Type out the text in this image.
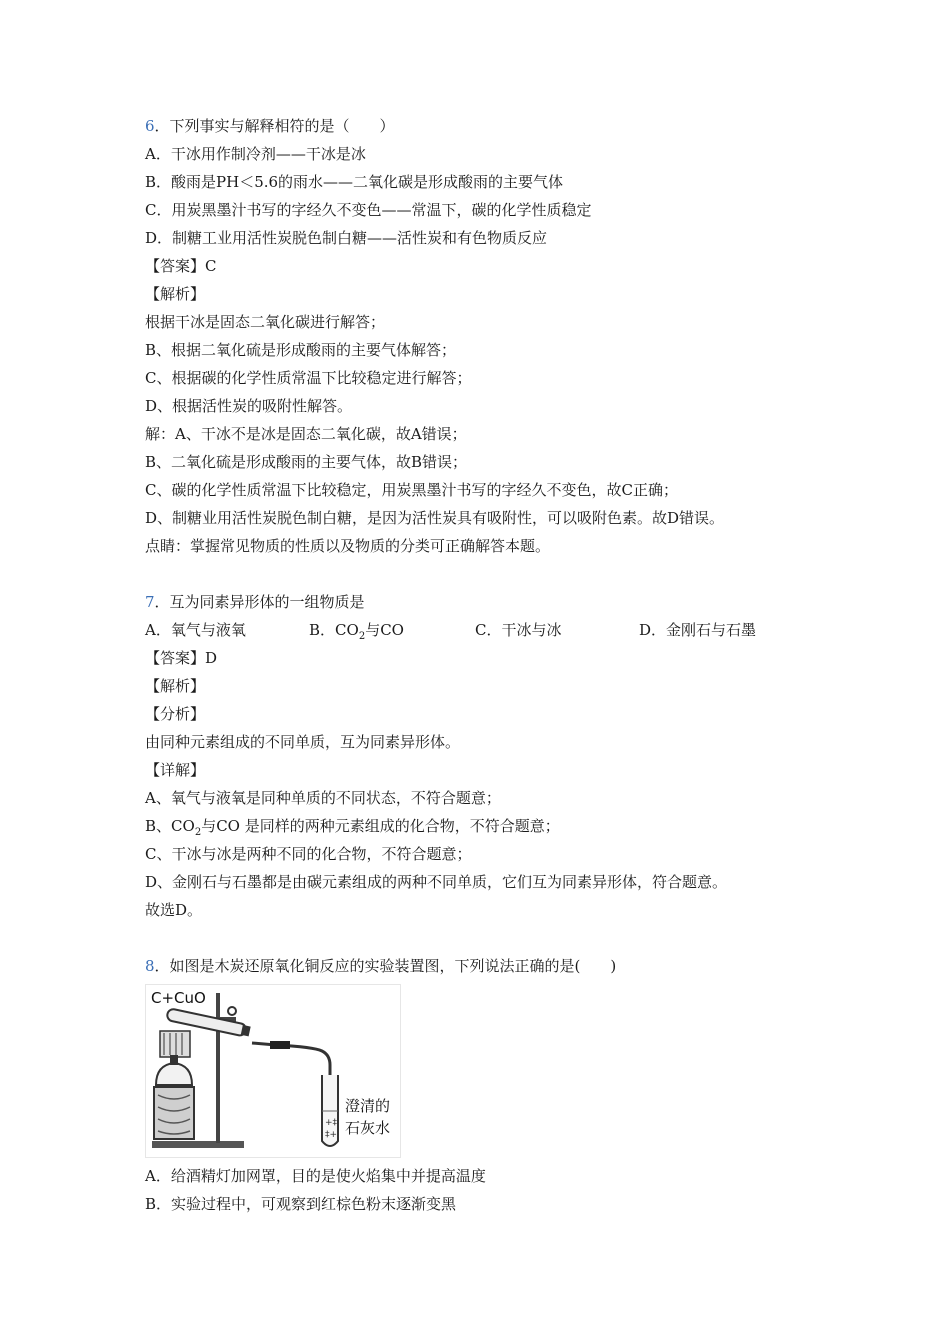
6．下列事实与解释相符的是（　　）
A．干冰用作制冷剂——干冰是冰
B．酸雨是PH＜5.6的雨水——二氧化碳是形成酸雨的主要气体
C．用炭黑墨汁书写的字经久不变色——常温下，碳的化学性质稳定
D．制糖工业用活性炭脱色制白糖——活性炭和有色物质反应
【答案】C
【解析】
根据干冰是固态二氧化碳进行解答；
B、根据二氧化硫是形成酸雨的主要气体解答；
C、根据碳的化学性质常温下比较稳定进行解答；
D、根据活性炭的吸附性解答。
解：A、干冰不是冰是固态二氧化碳，故A错误；
B、二氧化硫是形成酸雨的主要气体，故B错误；
C、碳的化学性质常温下比较稳定，用炭黑墨汁书写的字经久不变色，故C正确；
D、制糖业用活性炭脱色制白糖，是因为活性炭具有吸附性，可以吸附色素。故D错误。
点睛：掌握常见物质的性质以及物质的分类可正确解答本题。
7．互为同素异形体的一组物质是
A．氧气与液氧	B．$CO_2$与CO	C．干冰与冰	D．金刚石与石墨
【答案】D
【解析】
【分析】
由同种元素组成的不同单质，互为同素异形体。
【详解】
A、氧气与液氧是同种单质的不同状态，不符合题意；
B、$CO_2$与CO 是同样的两种元素组成的化合物，不符合题意；
C、干冰与冰是两种不同的化合物，不符合题意；
D、金刚石与石墨都是由碳元素组成的两种不同单质，它们互为同素异形体，符合题意。
故选D。
8．如图是木炭还原氧化铜反应的实验装置图，下列说法正确的是(　　)
C+CuO
澄清的
石灰水
+‡
‡+
A．给酒精灯加网罩，目的是使火焰集中并提高温度
B．实验过程中，可观察到红棕色粉末逐渐变黑
